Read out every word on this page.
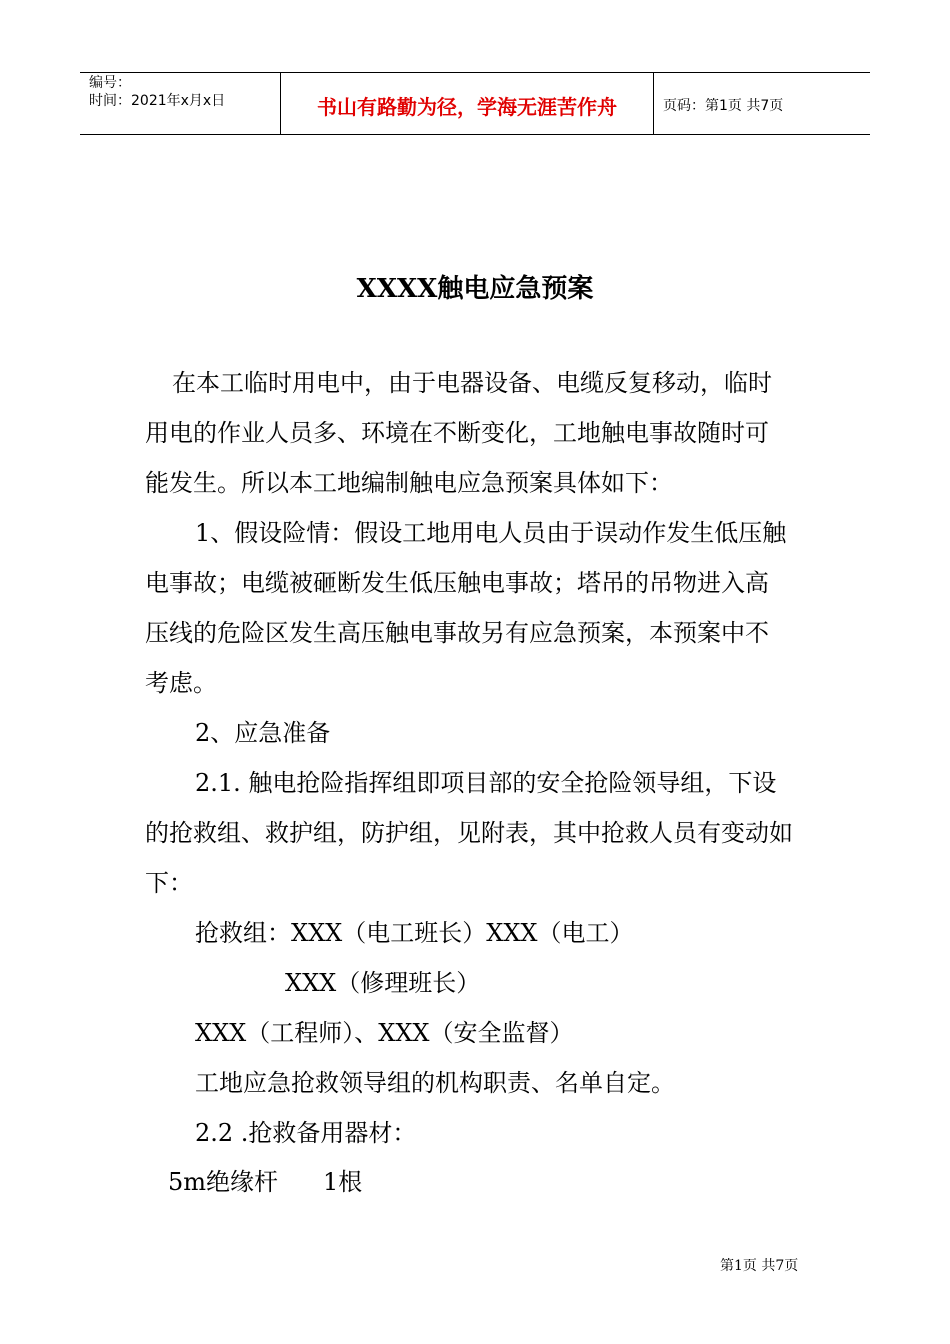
编号：
时间：2021年x月x日	书山有路勤为径，学海无涯苦作舟	页码：第1页 共7页
XXXX触电应急预案
在本工临时用电中，由于电器设备、电缆反复移动，临时
用电的作业人员多、环境在不断变化，工地触电事故随时可
能发生。所以本工地编制触电应急预案具体如下：
1、假设险情：假设工地用电人员由于误动作发生低压触
电事故；电缆被砸断发生低压触电事故；塔吊的吊物进入高
压线的危险区发生高压触电事故另有应急预案，本预案中不
考虑。
2、应急准备
2.1. 触电抢险指挥组即项目部的安全抢险领导组，下设
的抢救组、救护组，防护组，见附表，其中抢救人员有变动如
下：
抢救组：XXX（电工班长）XXX（电工）
XXX（修理班长）
XXX（工程师）、XXX（安全监督）
工地应急抢救领导组的机构职责、名单自定。
2.2 .抢救备用器材：
5m绝缘杆 1根
第1页 共7页
